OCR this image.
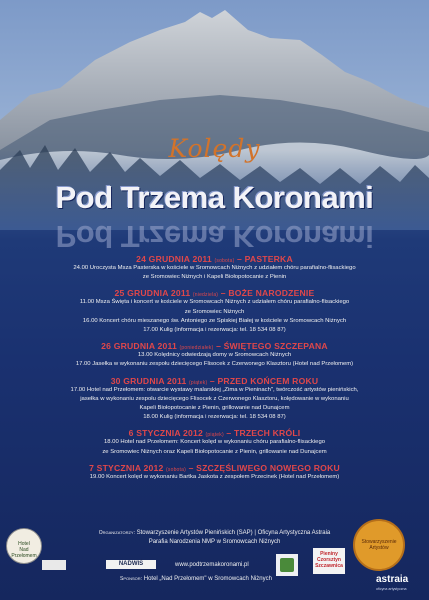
Kolędy
Pod Trzema Koronami
Pod Trzema Koronami
24 GRUDNIA 2011 (sobota) – PASTERKA
24.00 Uroczysta Msza Pasterska w kościele w Sromowcach Niżnych z udziałem chóru parafialno-flisackiego
ze Sromowiec Niżnych i Kapeli Biołopotocanie z Pienin
25 GRUDNIA 2011 (niedziela) – BOŻE NARODZENIE
11.00 Msza Święta i koncert w kościele w Sromowcach Niżnych z udziałem chóru parafialno-flisackiego
ze Sromowiec Niżnych
16.00 Koncert chóru mieszanego św. Antoniego ze Spiskiej Białej w kościele w Sromowcach Niżnych
17.00 Kulig (informacja i rezerwacja: tel. 18 534 08 87)
26 GRUDNIA 2011 (poniedziałek) – ŚWIĘTEGO SZCZEPANA
13.00 Kolędnicy odwiedzają domy w Sromowcach Niżnych
17.00 Jasełka w wykonaniu zespołu dziecięcego Flisocek z Czerwonego Klasztoru (Hotel nad Przełomem)
30 GRUDNIA 2011 (piątek) – PRZED KOŃCEM ROKU
17.00 Hotel nad Przełomem: otwarcie wystawy malarskiej „Zima w Pieninach", twórczość artystów pienińskich,
jasełka w wykonaniu zespołu dziecięcego Flisocek z Czerwonego Klasztoru, kolędowanie w wykonaniu
Kapeli Biołopotocanie z Pienin, grillowanie nad Dunajcem
18.00 Kulig (informacja i rezerwacja: tel. 18 534 08 87)
6 STYCZNIA 2012 (piątek) – TRZECH KRÓLI
18.00 Hotel nad Przełomem: Koncert kolęd w wykonaniu chóru parafialno-flisackiego
ze Sromowiec Niżnych oraz Kapeli Biołopotocanie z Pienin, grillowanie nad Dunajcem
7 STYCZNIA 2012 (sobota) – SZCZĘŚLIWEGO NOWEGO ROKU
19.00 Koncert kolęd w wykonaniu Bartka Jaskota z zespołem Przecinek (Hotel nad Przełomem)
Hotel
Nad
Przełomem
Organizatorzy: Stowarzyszenie Artystów Pienińskich (SAP) | Oficyna Artystyczna Astraia
Parafia Narodzenia NMP w Sromowcach Niżnych
NADWIŚ	www.podtrzemakoronami.pl
Sponsor: Hotel „Nad Przełomem" w Sromowcach Niżnych
Pieniny
Czorsztyn
Szczawnica
Stowarzyszenie Artystów
astraia
oficyna artystyczna
